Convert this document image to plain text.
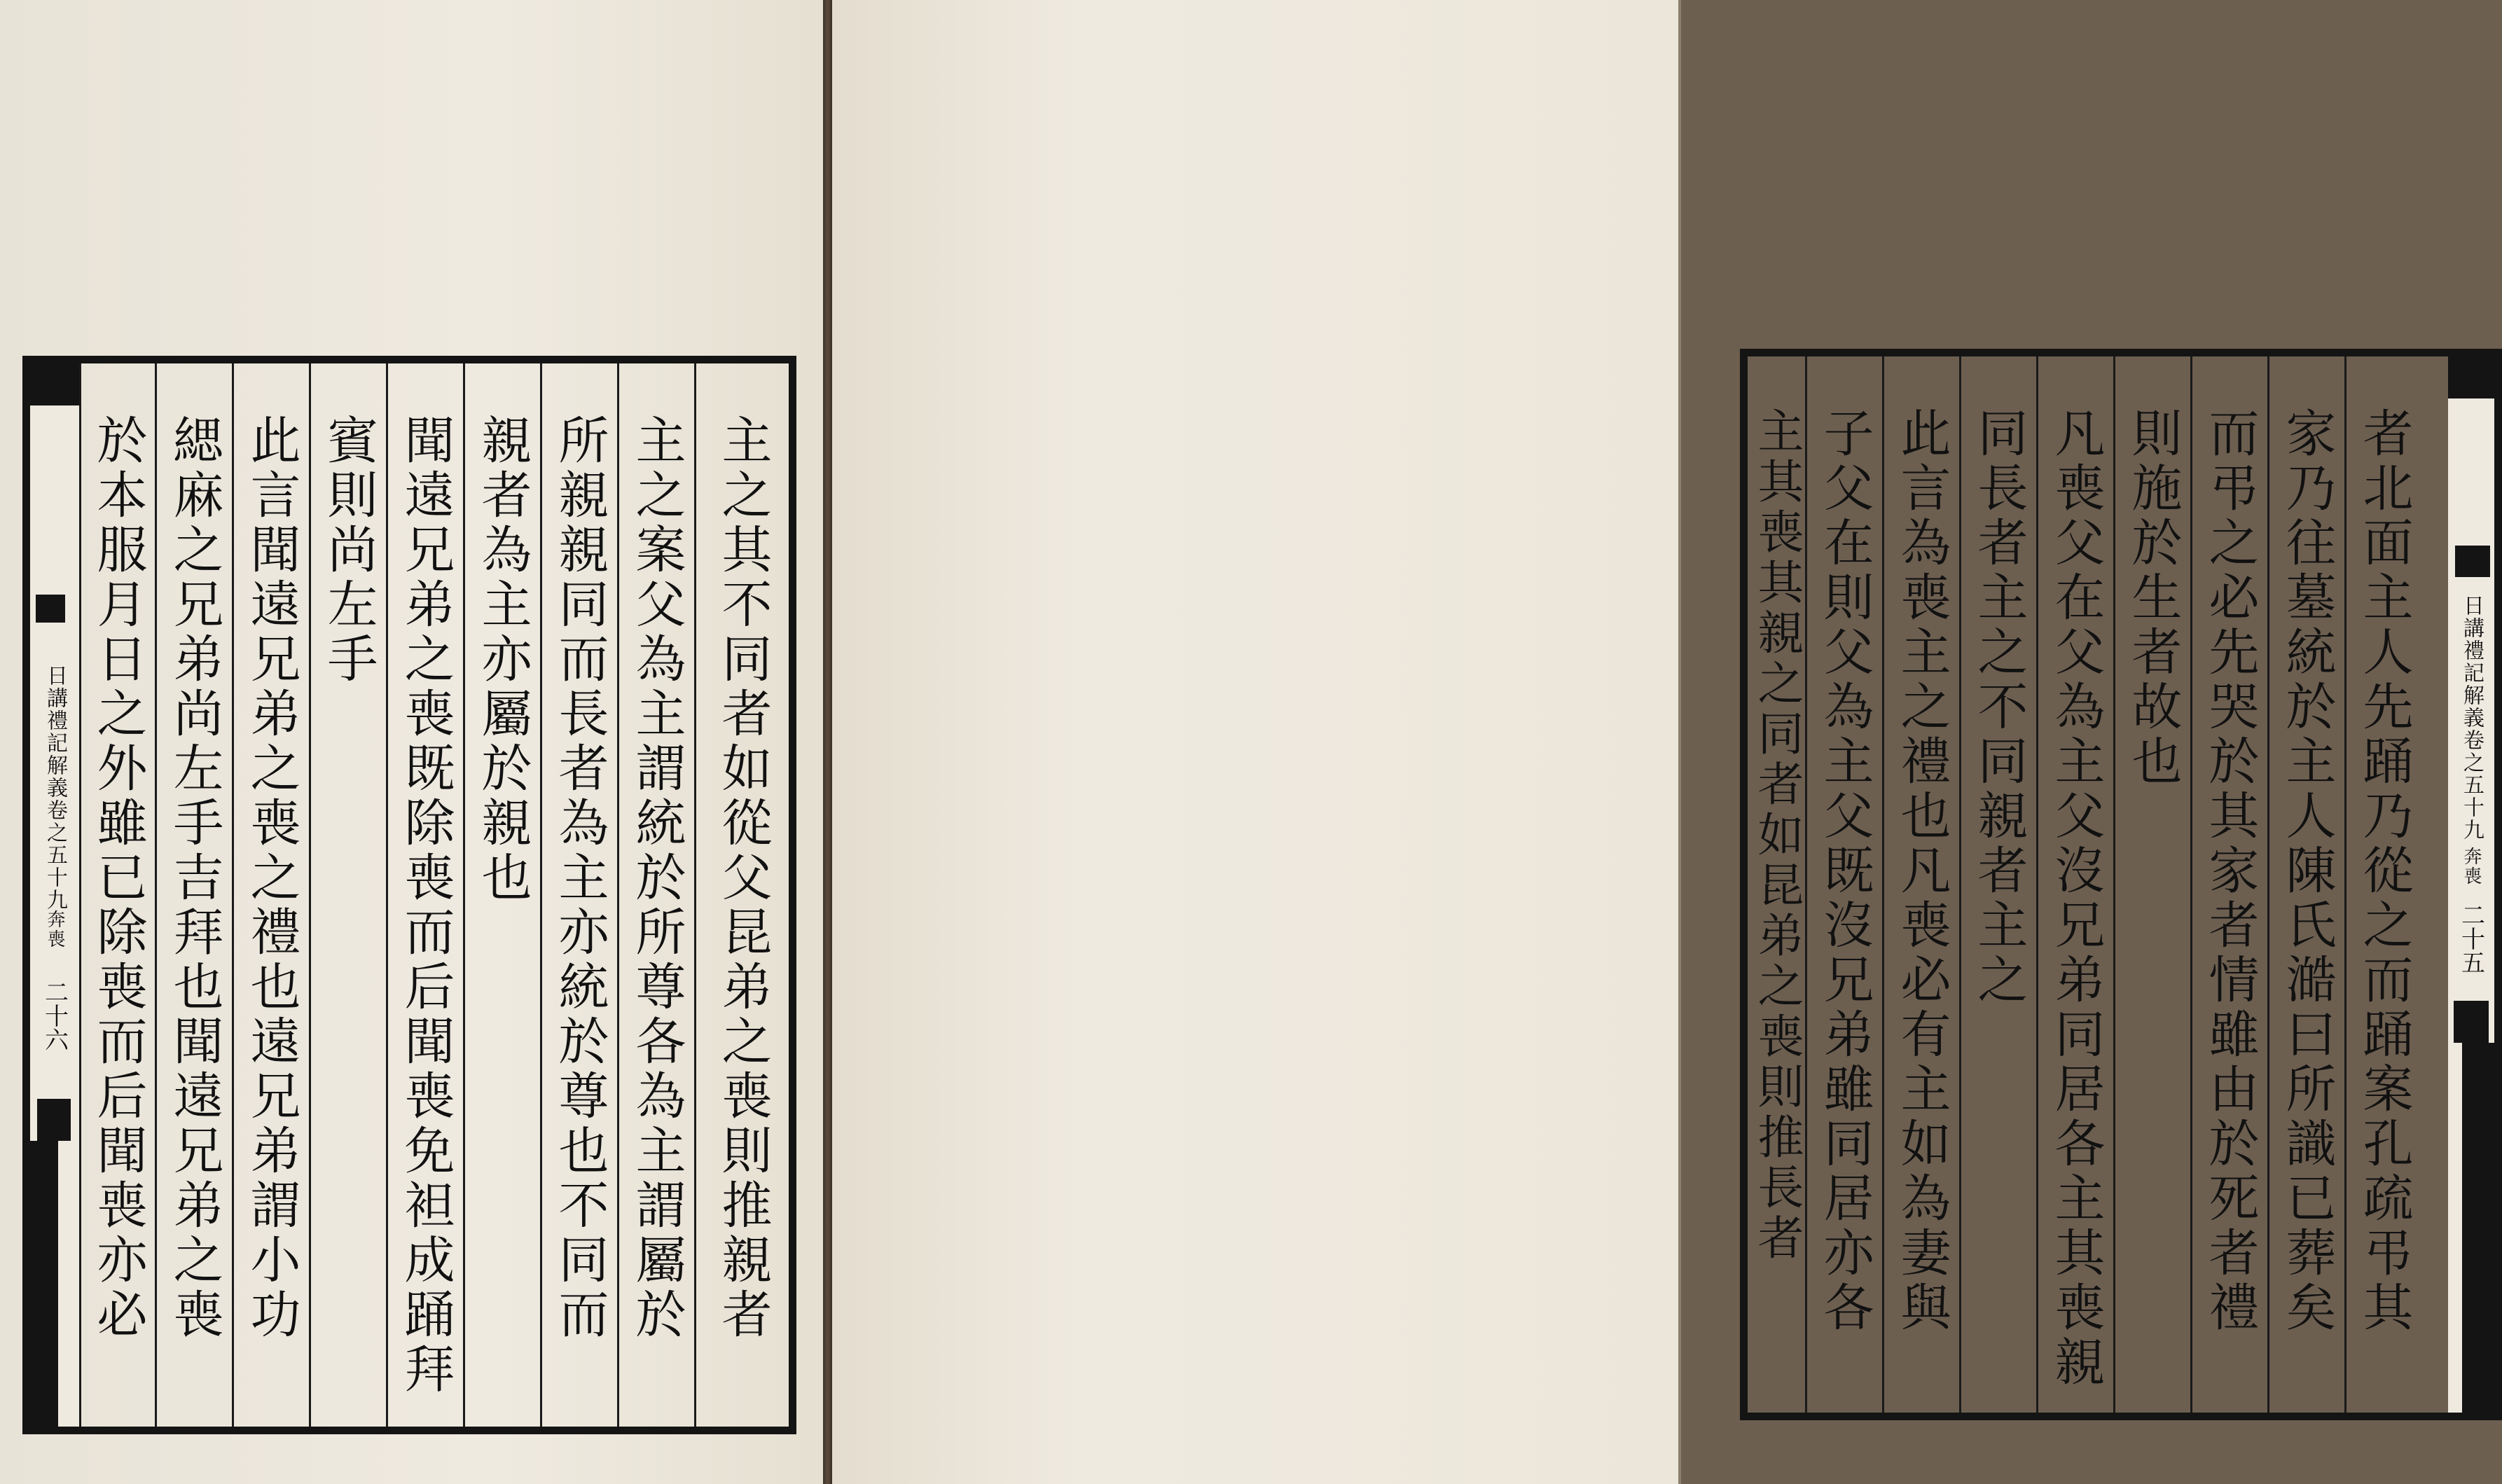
日講禮記解義卷之五十九
奔喪
二十六	主之其不同者如從父昆弟之喪則推親者
主之案父為主謂統於所尊各為主謂屬於
所親親同而長者為主亦統於尊也不同而
親者為主亦屬於親也
聞遠兄弟之喪既除喪而后聞喪免袒成踊拜
賓則尚左手
此言聞遠兄弟之喪之禮也遠兄弟謂小功
緦麻之兄弟尚左手吉拜也聞遠兄弟之喪
於本服月日之外雖已除喪而后聞喪亦必	日講禮記解義卷之五十九
奔喪
二十五
者北面主人先踊乃從之而踊案孔疏弔其
家乃往墓統於主人陳氏澔曰所識已葬矣
而弔之必先哭於其家者情雖由於死者禮
則施於生者故也
凡喪父在父為主父沒兄弟同居各主其喪親
同長者主之不同親者主之
此言為喪主之禮也凡喪必有主如為妻與
子父在則父為主父既沒兄弟雖同居亦各
主其喪其親之同者如昆弟之喪則推長者
